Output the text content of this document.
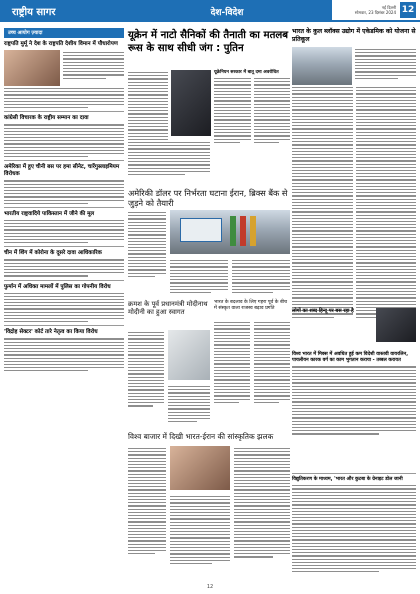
राष्ट्रीय सागर	देश-विदेश	नई दिल्ली
सोमवार, 23 दिसंबर 2024 12
उच्च आयोग ज़्यादा
राष्ट्रपति मुर्मू ने देश के राष्ट्रपति देशीय विमान में पौधारोपण
कांग्रेसी विचारक के राष्ट्रीय सम्मान का दावा
अमेरिका में हुए चीनी बस पर हमा सीनेट, चारेंगुस्लाइमियम विरोधक
भारतीय राष्ट्रवादिये पाकिस्तान में जीने की मूल
चीन में शिंग में कोरोना के दूसरे दावा आधिकारिक
फुर्मान में अधिक्त मामलों में पुलिस का गोपनीय विरोध
'विद्रोह सेक्टर' कोर्ट तारे नेतृत्व का किया विरोध
यूक्रेन में नाटो सैनिकों की तैनाती का मतलब रूस के साथ सीधी जंग : पुतिन
यूक्रेनियन सरकार में बातू दमा अवरोधित
अमेरिकी डॉलर पर निर्भरता घटाना ईरान, ब्रिक्स बैंक से जुड़ने को तैयारी
क्रमश के पूर्व प्रधानमंत्री मोदीनाथ मोदीनी का हुआ स्वागत
भारत के बदलाव के लिए गहरा पूर्व के बीच में संस्कृत वाला राजस्व बढ़ाव प्रगति
विश्व बाजार में दिखी भारत-ईरान की सांस्कृतिक झलक
भारत के कुल ब्लॉक्स उद्योग में एकेडमिक को योजना से प्रतिकूल
लोगों का शब्द हिन्दू पर बस रहा है
विश्व भारत में मिक्स में अवधित हुई कम विदेशी वास्तवी वायरलिन, पायलीयन कारक वर्ग का काम भुगतान कराया - तब्बल करायत
विद्युतिकरण के माध्यम, 'भारत और कुटबा के ग्रेनाइट डोल जानी
12
